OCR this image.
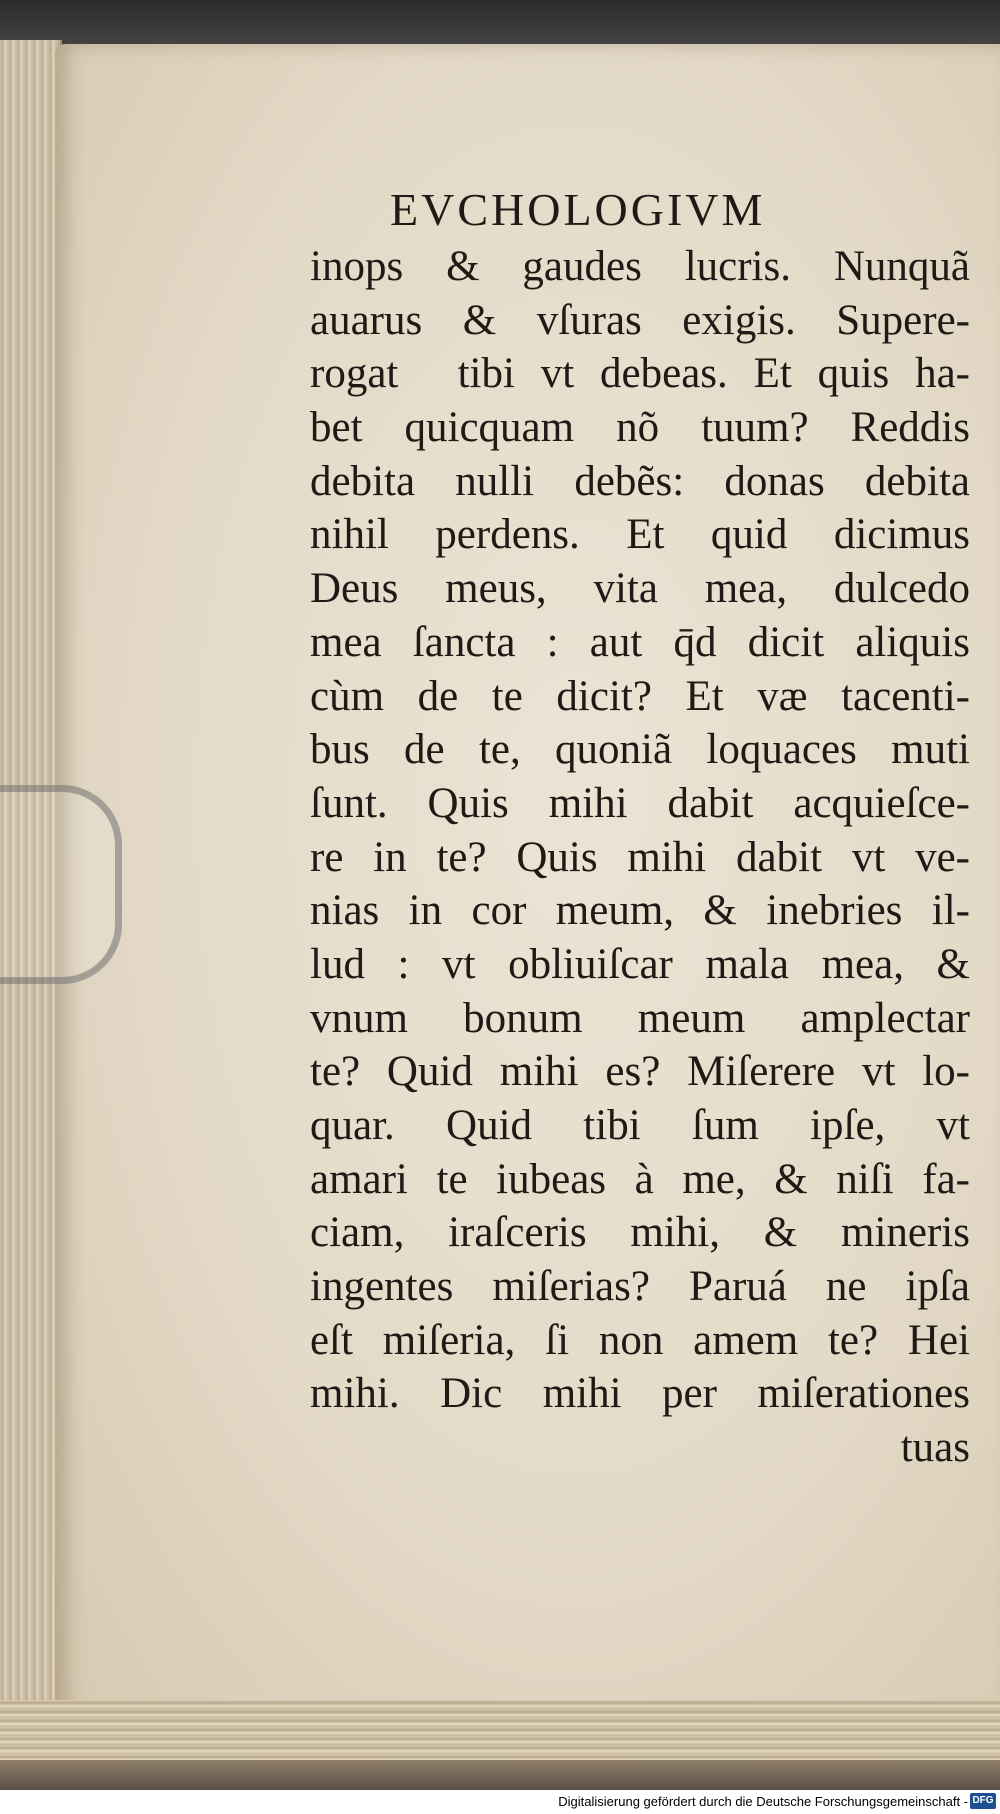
EVCHOLOGIVM
inops & gaudes lucris. Nunquã
auarus & vſuras exigis. Supere-
rogatᷓ tibi vt debeas. Et quis ha-
bet quicquam nõ tuum? Reddis
debita nulli debẽs: donas debita
nihil perdens. Et quid dicimus
Deus meus, vita mea, dulcedo
mea ſancta : aut q̄d dicit aliquis
cùm de te dicit? Et væ tacenti-
bus de te, quoniã loquaces muti
ſunt. Quis mihi dabit acquieſce-
re in te? Quis mihi dabit vt ve-
nias in cor meum, & inebries il-
lud : vt obliuiſcar mala mea, &
vnum bonum meum amplectar
te? Quid mihi es? Miſerere vt lo-
quar. Quid tibi ſum ipſe, vt
amari te iubeas à me, & niſi fa-
ciam, iraſceris mihi, & mineris
ingentes miſerias? Paruá ne ipſa
eſt miſeria, ſi non amem te? Hei
mihi. Dic mihi per miſerationes
tuas
Digitalisierung gefördert durch die Deutsche Forschungsgemeinschaft - DFG
